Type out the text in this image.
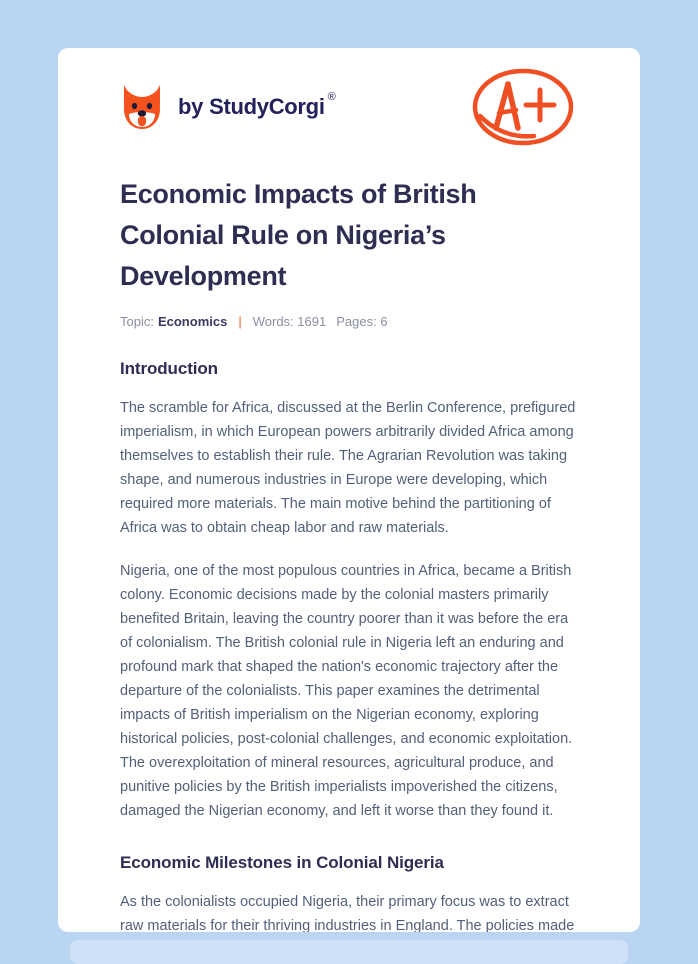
by StudyCorgi ®
Economic Impacts of British Colonial Rule on Nigeria’s Development
Topic: Economics | Words: 1691 Pages: 6
Introduction

The scramble for Africa, discussed at the Berlin Conference, prefigured imperialism, in which European powers arbitrarily divided Africa among themselves to establish their rule. The Agrarian Revolution was taking shape, and numerous industries in Europe were developing, which required more materials. The main motive behind the partitioning of Africa was to obtain cheap labor and raw materials.

Nigeria, one of the most populous countries in Africa, became a British colony. Economic decisions made by the colonial masters primarily benefited Britain, leaving the country poorer than it was before the era of colonialism. The British colonial rule in Nigeria left an enduring and profound mark that shaped the nation's economic trajectory after the departure of the colonialists. This paper examines the detrimental impacts of British imperialism on the Nigerian economy, exploring historical policies, post-colonial challenges, and economic exploitation. The overexploitation of mineral resources, agricultural produce, and punitive policies by the British imperialists impoverished the citizens, damaged the Nigerian economy, and left it worse than they found it.

Economic Milestones in Colonial Nigeria

As the colonialists occupied Nigeria, their primary focus was to extract raw materials for their thriving industries in England. The policies made
